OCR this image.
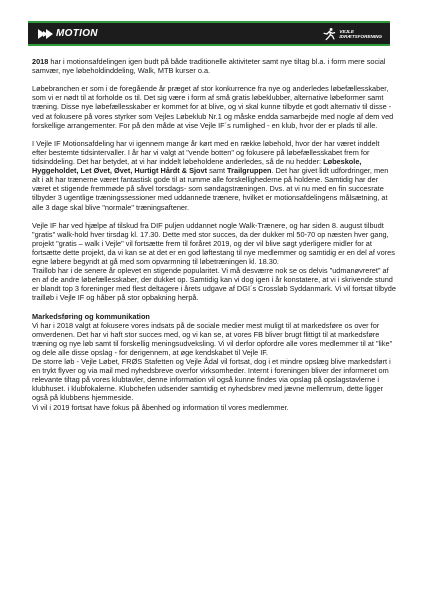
MOTION	VEJLE
IDRÆTSFORENING

2018 har i motionsafdelingen igen budt på både traditionelle aktiviteter samt nye tiltag bl.a. i form mere social samvær, nye løbeholdinddeling, Walk, MTB kurser o.a.

Løbebranchen er som i de foregående år præget af stor konkurrence fra nye og anderledes løbefællesskaber, som vi er nødt til at forholde os til. Det sig være i form af små gratis løbeklubber, alternative løbeformer samt træning. Disse nye løbefællesskaber er kommet for at blive, og vi skal kunne tilbyde et godt alternativ til disse - ved at fokusere på vores styrker som Vejles Løbeklub Nr.1 og måske endda samarbejde med nogle af dem ved forskellige arrangementer. For på den måde at vise Vejle IF´s rumlighed - en klub, hvor der er plads til alle.

I Vejle IF Motionsafdeling har vi igennem mange år kørt med en række løbehold, hvor der har været inddelt efter bestemte tidsintervaller. I år har vi valgt at "vende botten" og fokusere på løbefællesskabet frem for tidsinddeling. Det har betydet, at vi har inddelt løbeholdene anderledes, så de nu hedder: Løbeskole, Hyggeholdet, Let Øvet, Øvet, Hurtigt Hårdt & Sjovt samt Trailgruppen. Det har givet lidt udfordringer, men alt i alt har trænerne været fantastisk gode til at rumme alle forskellighederne på holdene. Samtidig har der været et stigende fremmøde på såvel torsdags- som søndagstræningen. Dvs. at vi nu med en fin succesrate tilbyder 3 ugentlige træningssessioner med uddannede trænere, hvilket er motionsafdelingens målsætning, at alle 3 dage skal blive "normale" træningsaftener.

Vejle IF har ved hjælpe af tilskud fra DIF puljen uddannet nogle Walk-Trænere, og har siden 8. august tilbudt "gratis" walk-hold hver tirsdag kl. 17.30. Dette med stor succes, da der dukker ml 50-70 op næsten hver gang, projekt "gratis – walk i Vejle" vil fortsætte frem til foråret 2019, og der vil blive søgt yderligere midler for at fortsætte dette projekt, da vi kan se at det er en god løftestang til nye medlemmer og samtidig er en del af vores egne løbere begyndt at gå med som opvarmning til løbetræningen kl. 18.30.

Traillob har i de senere år oplevet en stigende popularitet. Vi må desværre nok se os delvis "udmanøvreret" af en af de andre løbefællesskaber, der dukket op. Samtidig kan vi dog igen i år konstatere, at vi i skrivende stund er blandt top 3 foreninger med flest deltagere i årets udgave af DGI´s Crossløb Syddanmark. Vi vil fortsat tilbyde trailløb i Vejle IF og håber på stor opbakning herpå.

Markedsføring og kommunikation

Vi har i 2018 valgt at fokusere vores indsats på de sociale medier mest muligt til at markedsføre os over for omverdenen. Det har vi haft stor succes med, og vi kan se, at vores FB bliver brugt flittigt til at markedsføre træning og nye løb samt til forskellig meningsudveksling. Vi vil derfor opfordre alle vores medlemmer til at "like" og dele alle disse opslag - for derigennem, at øge kendskabet til Vejle IF.

De storre løb - Vejle Løbet, FRØS Stafetten og Vejle Ådal vil fortsat, dog i et mindre opslæg blive markedsført i en trykt flyver og via mail med nyhedsbreve overfor virksomheder. Internt i foreningen bliver der informeret om relevante tiltag på vores klubtavler, denne information vil også kunne findes via opslag på opslagstavlerne i klubhuset. i klubfokalerne. Klubchefen udsender samtidig et nyhedsbrev med jævne mellemrum, dette ligger også på klubbens hjemmeside.

Vi vil i 2019 fortsat have fokus på åbenhed og information til vores medlemmer.
